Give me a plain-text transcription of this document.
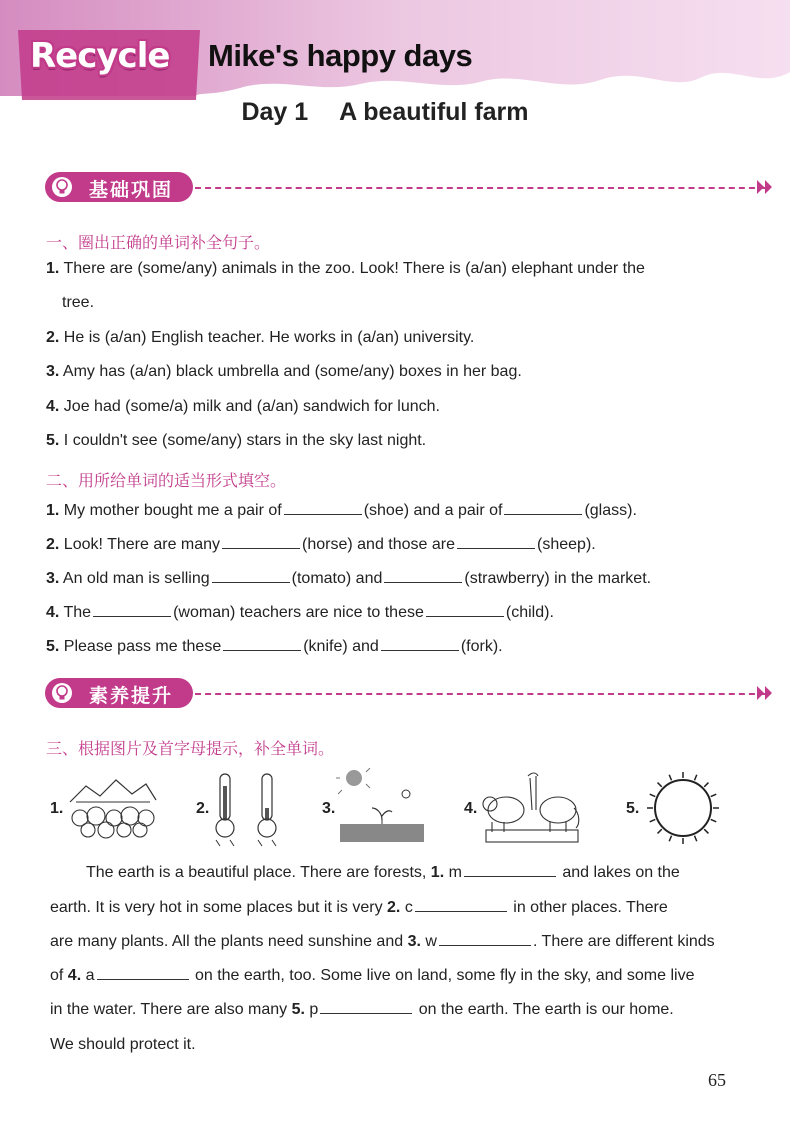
Recycle Mike's happy days
Day 1 A beautiful farm
基础巩固
一、圈出正确的单词补全句子。
1. There are (some/any) animals in the zoo. Look! There is (a/an) elephant under the
tree.
2. He is (a/an) English teacher. He works in (a/an) university.
3. Amy has (a/an) black umbrella and (some/any) boxes in her bag.
4. Joe had (some/a) milk and (a/an) sandwich for lunch.
5. I couldn't see (some/any) stars in the sky last night.
二、用所给单词的适当形式填空。
1. My mother bought me a pair of	(shoe) and a pair of	(glass).
2. Look! There are many	(horse) and those are	(sheep).
3. An old man is selling	(tomato) and	(strawberry) in the market.
4. The	(woman) teachers are nice to these	(child).
5. Please pass me these	(knife) and	(fork).
素养提升
三、根据图片及首字母提示，补全单词。
1.	2.	3.	4.	5.
The earth is a beautiful place. There are forests, 1. m	and lakes on the
earth. It is very hot in some places but it is very 2. c	in other places. There
are many plants. All the plants need sunshine and 3. w	. There are different kinds
of 4. a	on the earth, too. Some live on land, some fly in the sky, and some live
in the water. There are also many 5. p	on the earth. The earth is our home.
We should protect it.
65
